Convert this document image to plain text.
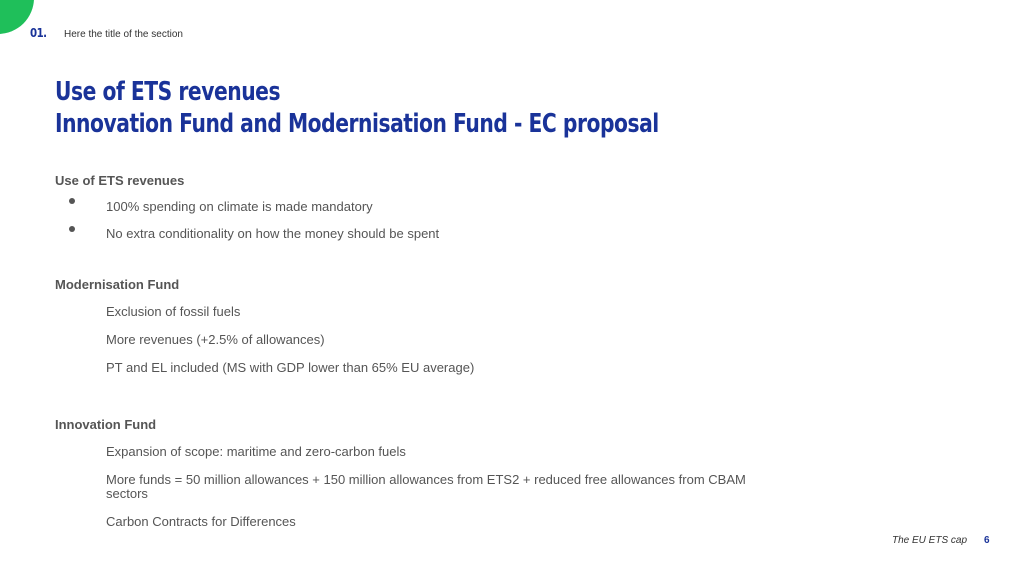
01. Here the title of the section
Use of ETS revenues
Innovation Fund and Modernisation Fund - EC proposal
Use of ETS revenues
100% spending on climate is made mandatory
No extra conditionality on how the money should be spent
Modernisation Fund
Exclusion of fossil fuels
More revenues (+2.5% of allowances)
PT and EL included (MS with GDP lower than 65% EU average)
Innovation Fund
Expansion of scope: maritime and zero-carbon fuels
More funds = 50 million allowances + 150 million allowances from ETS2 + reduced free allowances from CBAM sectors
Carbon Contracts for Differences
The EU ETS cap 6
